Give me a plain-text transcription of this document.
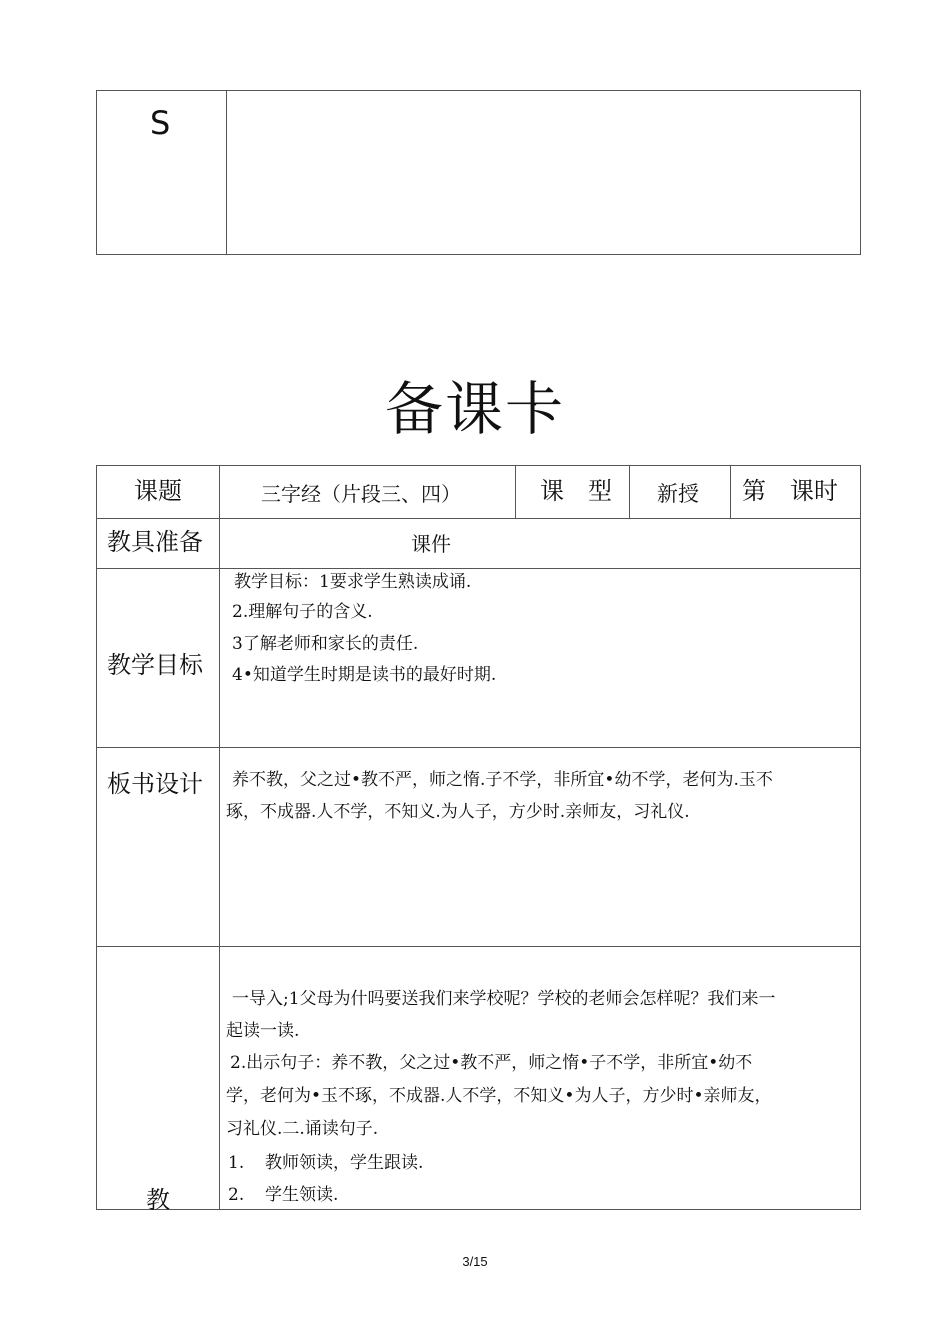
S
备课卡
课题	三字经（片段三、四）	课　型 新授 第　课时
教具准备	课件
教学目标
教学目标：1要求学生熟读成诵.
2.理解句子的含义.
3了解老师和家长的责任.
4•知道学生时期是读书的最好时期.
板书设计 养不教，父之过•教不严，师之惰.子不学，非所宜•幼不学，老何为.玉不
琢，不成器.人不学，不知义.为人子，方少时.亲师友，习礼仪.
教
一导入;1父母为什吗要送我们来学校呢？学校的老师会怎样呢？我们来一
起读一读.
2.出示句子：养不教，父之过•教不严，师之惰•子不学，非所宜•幼不
学，老何为•玉不琢，不成器.人不学，不知义•为人子，方少时•亲师友，
习礼仪.二.诵读句子.
1. 教师领读，学生跟读.
2. 学生领读.
3/15
